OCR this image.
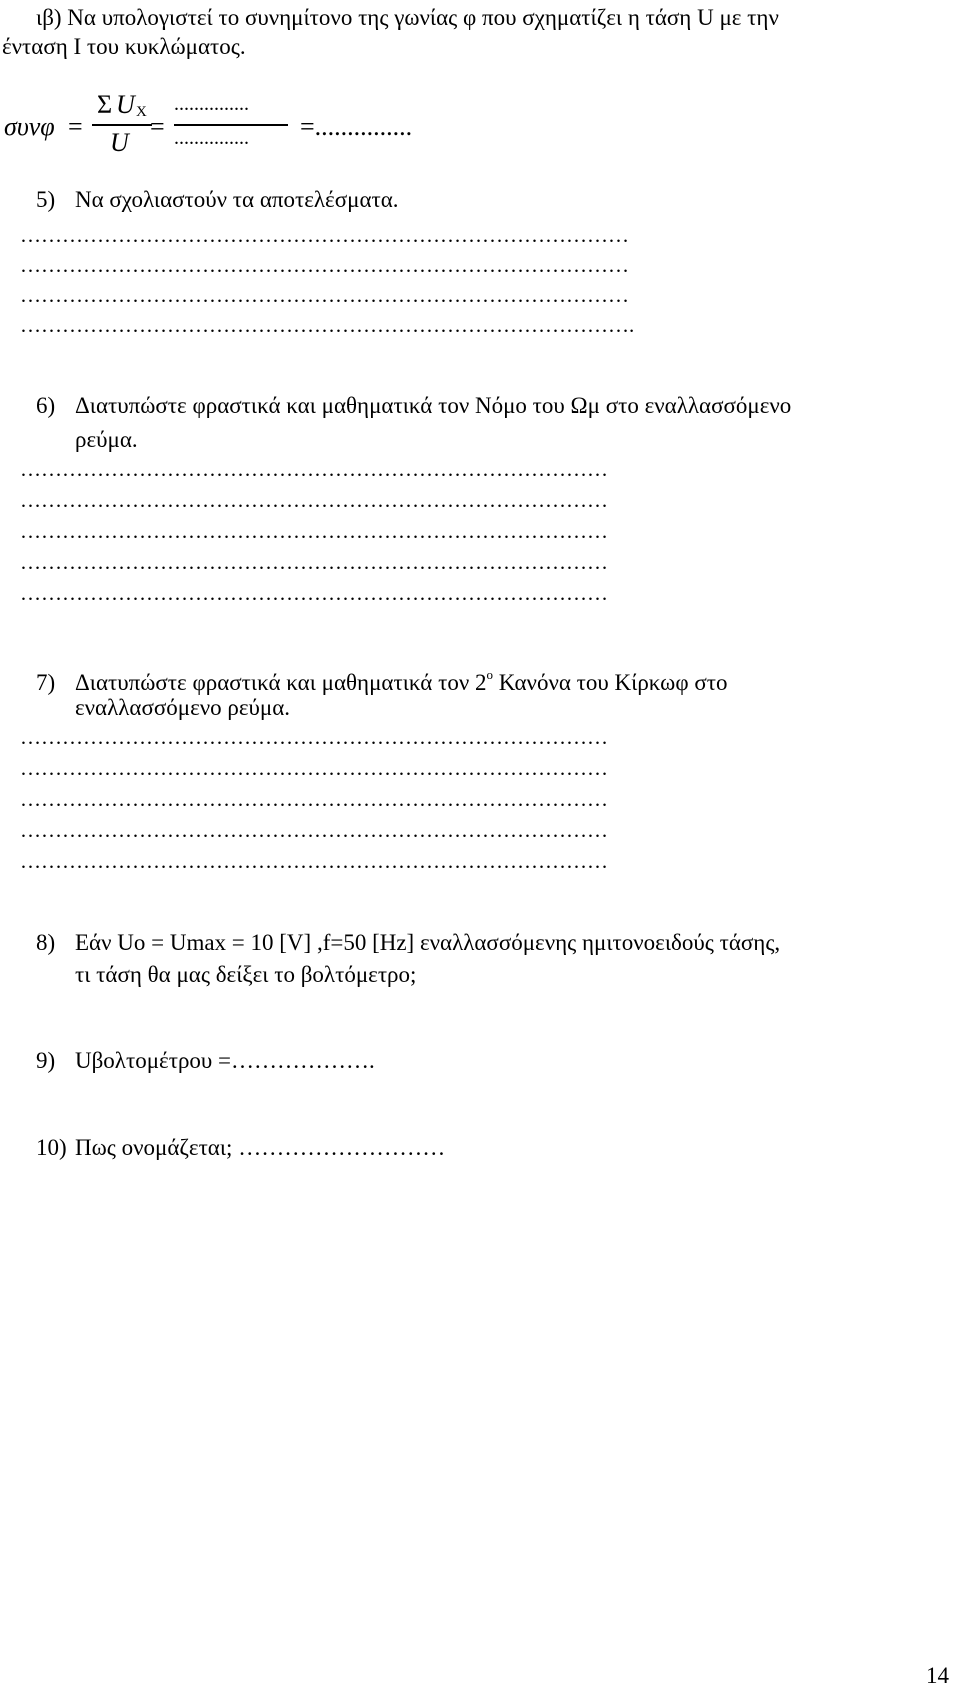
ιβ) Να υπολογιστεί το συνημίτονο της γωνίας φ που σχηματίζει η τάση U με την
ένταση Ι του κυκλώματος.
συνφ =
Σ U X
U
=
...............
............... =...............
5) Να σχολιαστούν τα αποτελέσματα.
……………………………………………………………………………
……………………………………………………………………………
……………………………………………………………………………
…………………………………………………………………………….
6) Διατυπώστε φραστικά και μαθηματικά τον Νόμο του Ωμ στο εναλλασσόμενο
ρεύμα.
…………………………………………………………………………
…………………………………………………………………………
…………………………………………………………………………
…………………………………………………………………………
…………………………………………………………………………
7) Διατυπώστε φραστικά και μαθηματικά τον $2^o$ Κανόνα του Κίρκωφ στο
εναλλασσόμενο ρεύμα.
…………………………………………………………………………
…………………………………………………………………………
…………………………………………………………………………
…………………………………………………………………………
…………………………………………………………………………
8) Εάν Uo = Umax = 10 [V] ,f=50 [Hz] εναλλασσόμενης ημιτονοειδούς τάσης,
τι τάση θα μας δείξει το βολτόμετρο;
9) Uβολτομέτρου =……………….
10) Πως ονομάζεται; ………………………
14
